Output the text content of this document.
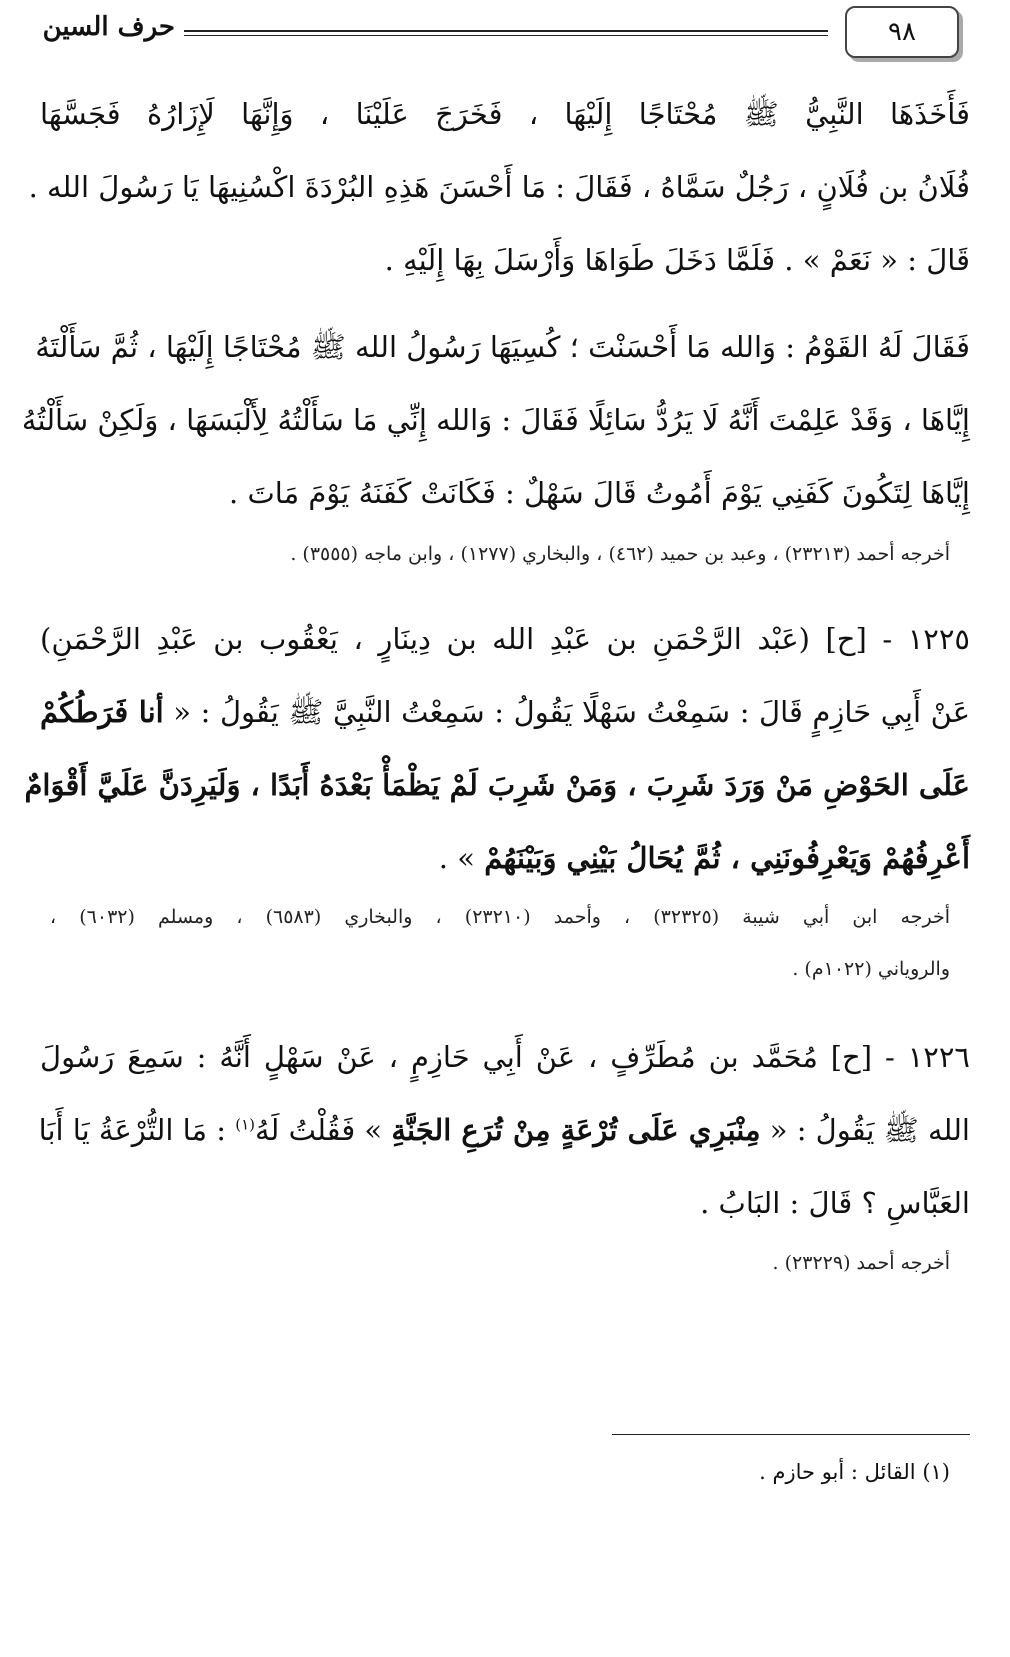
٩٨
حرف السين
فَأَخَذَهَا النَّبِيُّ ﷺ مُحْتَاجًا إِلَيْهَا ، فَخَرَجَ عَلَيْنَا ، وَإِنَّهَا لَإِزَارُهُ فَجَسَّهَا
فُلَانُ بن فُلَانٍ ، رَجُلٌ سَمَّاهُ ، فَقَالَ : مَا أَحْسَنَ هَذِهِ البُرْدَةَ اكْسُنِيهَا يَا رَسُولَ الله .
قَالَ : « نَعَمْ » . فَلَمَّا دَخَلَ طَوَاهَا وَأَرْسَلَ بِهَا إِلَيْهِ .
فَقَالَ لَهُ القَوْمُ : وَالله مَا أَحْسَنْتَ ؛ كُسِيَهَا رَسُولُ الله ﷺ مُحْتَاجًا إِلَيْهَا ، ثُمَّ سَأَلْتَهُ
إِيَّاهَا ، وَقَدْ عَلِمْتَ أَنَّهُ لَا يَرُدُّ سَائِلًا فَقَالَ : وَالله إِنِّي مَا سَأَلْتُهُ لِأَلْبَسَهَا ، وَلَكِنْ سَأَلْتُهُ
إِيَّاهَا لِتَكُونَ كَفَنِي يَوْمَ أَمُوتُ قَالَ سَهْلٌ : فَكَانَتْ كَفَنَهُ يَوْمَ مَاتَ .
أخرجه أحمد (٢٣٢١٣) ، وعبد بن حميد (٤٦٢) ، والبخاري (١٢٧٧) ، وابن ماجه (٣٥٥٥) .
١٢٢٥ - [ح] (عَبْد الرَّحْمَنِ بن عَبْدِ الله بن دِينَارٍ ، يَعْقُوب بن عَبْدِ الرَّحْمَنِ)
عَنْ أَبِي حَازِمٍ قَالَ : سَمِعْتُ سَهْلًا يَقُولُ : سَمِعْتُ النَّبِيَّ ﷺ يَقُولُ : « أنا فَرَطُكُمْ
عَلَى الحَوْضِ مَنْ وَرَدَ شَرِبَ ، وَمَنْ شَرِبَ لَمْ يَظْمَأْ بَعْدَهُ أَبَدًا ، وَلَيَرِدَنَّ عَلَيَّ أَقْوَامٌ
أَعْرِفُهُمْ وَيَعْرِفُونَنِي ، ثُمَّ يُحَالُ بَيْنِي وَبَيْنَهُمْ » .
أخرجه ابن أبي شيبة (٣٢٣٢٥) ، وأحمد (٢٣٢١٠) ، والبخاري (٦٥٨٣) ، ومسلم (٦٠٣٢) ،
والروياني (١٠٢٢م) .
١٢٢٦ - [ح] مُحَمَّد بن مُطَرِّفٍ ، عَنْ أَبِي حَازِمٍ ، عَنْ سَهْلٍ أَنَّهُ : سَمِعَ رَسُولَ
الله ﷺ يَقُولُ : « مِنْبَرِي عَلَى تُرْعَةٍ مِنْ تُرَعِ الجَنَّةِ » فَقُلْتُ لَهُ$^{(١)}$ : مَا التُّرْعَةُ يَا أَبَا
العَبَّاسِ ؟ قَالَ : البَابُ .
أخرجه أحمد (٢٣٢٢٩) .
(١) القائل : أبو حازم .
